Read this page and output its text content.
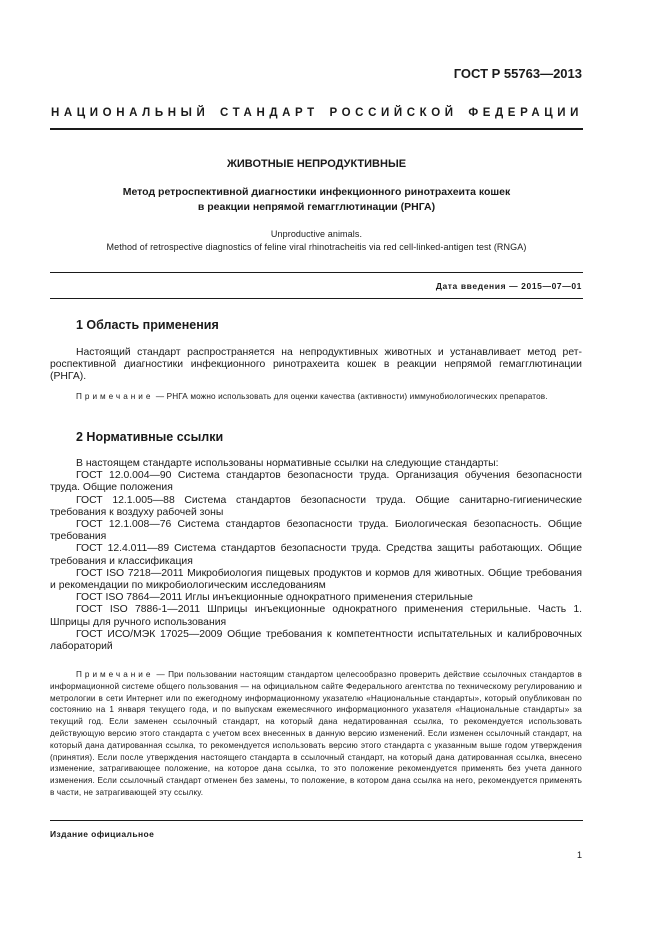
ГОСТ Р 55763—2013
НАЦИОНАЛЬНЫЙ СТАНДАРТ РОССИЙСКОЙ ФЕДЕРАЦИИ
ЖИВОТНЫЕ НЕПРОДУКТИВНЫЕ
Метод ретроспективной диагностики инфекционного ринотрахеита кошек
в реакции непрямой гемагглютинации (РНГА)
Unproductive animals.
Method of retrospective diagnostics of feline viral rhinotracheitis via red cell-linked-antigen test (RNGA)
Дата введения — 2015—07—01
1 Область применения

Настоящий стандарт распространяется на непродуктивных животных и устанавливает метод ретроспективной диагностики инфекционного ринотрахеита кошек в реакции непрямой гемагглютинации (РНГА).

Примечание — РНГА можно использовать для оценки качества (активности) иммунобиологических препаратов.

2 Нормативные ссылки

В настоящем стандарте использованы нормативные ссылки на следующие стандарты:

ГОСТ 12.0.004—90 Система стандартов безопасности труда. Организация обучения безопасности труда. Общие положения

ГОСТ 12.1.005—88 Система стандартов безопасности труда. Общие санитарно-гигиенические требования к воздуху рабочей зоны

ГОСТ 12.1.008—76 Система стандартов безопасности труда. Биологическая безопасность. Общие требования

ГОСТ 12.4.011—89 Система стандартов безопасности труда. Средства защиты работающих. Общие требования и классификация

ГОСТ ISO 7218—2011 Микробиология пищевых продуктов и кормов для животных. Общие требования и рекомендации по микробиологическим исследованиям

ГОСТ ISO 7864—2011 Иглы инъекционные однократного применения стерильные

ГОСТ ISO 7886-1—2011 Шприцы инъекционные однократного применения стерильные. Часть 1. Шприцы для ручного использования

ГОСТ ИСО/МЭК 17025—2009 Общие требования к компетентности испытательных и калибровочных лабораторий

Примечание — При пользовании настоящим стандартом целесообразно проверить действие ссылочных стандартов в информационной системе общего пользования — на официальном сайте Федерального агентства по техническому регулированию и метрологии в сети Интернет или по ежегодному информационному указателю «Национальные стандарты», который опубликован по состоянию на 1 января текущего года, и по выпускам ежемесячного информационного указателя «Национальные стандарты» за текущий год. Если заменен ссылочный стандарт, на который дана недатированная ссылка, то рекомендуется использовать действующую версию этого стандарта с учетом всех внесенных в данную версию изменений. Если изменен ссылочный стандарт, на который дана датированная ссылка, то рекомендуется использовать версию этого стандарта с указанным выше годом утверждения (принятия). Если после утверждения настоящего стандарта в ссылочный стандарт, на который дана датированная ссылка, внесено изменение, затрагивающее положение, на которое дана ссылка, то это положение рекомендуется применять без учета данного изменения. Если ссылочный стандарт отменен без замены, то положение, в котором дана ссылка на него, рекомендуется применять в части, не затрагивающей эту ссылку.

Издание официальное
1
